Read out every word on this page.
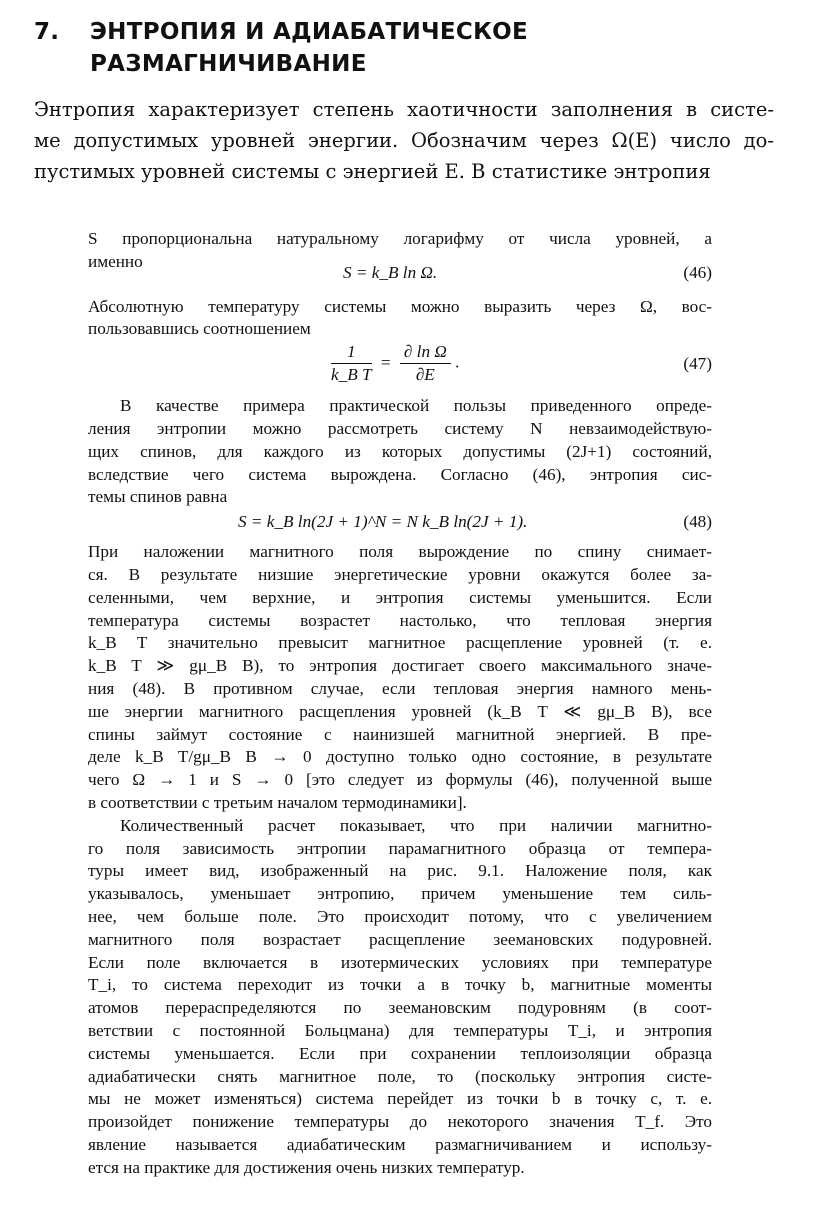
7. ЭНТРОПИЯ И АДИАБАТИЧЕСКОЕ
РАЗМАГНИЧИВАНИЕ
Энтропия характеризует степень хаотичности заполнения в систе-
ме допустимых уровней энергии. Обозначим через Ω(E) число до-
пустимых уровней системы с энергией E. В статистике энтропия
S пропорциональна натуральному логарифму от числа уровней, а
именно
S = k_B ln Ω.	(46)
Абсолютную температуру системы можно выразить через Ω, вос-
пользовавшись соотношением
$\frac{1}{\text{k\_B T}} = \frac{\text{∂ ln Ω}}{\partial E}$ .	(47)
В качестве примера практической пользы приведенного опреде-
ления энтропии можно рассмотреть систему N невзаимодействую-
щих спинов, для каждого из которых допустимы (2J+1) состояний,
вследствие чего система вырождена. Согласно (46), энтропия сис-
темы спинов равна
S = k_B ln(2J + 1)^N = N k_B ln(2J + 1).	(48)
При наложении магнитного поля вырождение по спину снимает-
ся. В результате низшие энергетические уровни окажутся более за-
селенными, чем верхние, и энтропия системы уменьшится. Если
температура системы возрастет настолько, что тепловая энергия
k_B T значительно превысит магнитное расщепление уровней (т. е.
k_B T ≫ gμ_B B), то энтропия достигает своего максимального значе-
ния (48). В противном случае, если тепловая энергия намного мень-
ше энергии магнитного расщепления уровней (k_B T ≪ gμ_B B), все
спины займут состояние с наинизшей магнитной энергией. В пре-
деле k_B T/gμ_B B → 0 доступно только одно состояние, в результате
чего Ω → 1 и S → 0 [это следует из формулы (46), полученной выше
в соответствии с третьим началом термодинамики].
Количественный расчет показывает, что при наличии магнитно-
го поля зависимость энтропии парамагнитного образца от темпера-
туры имеет вид, изображенный на рис. 9.1. Наложение поля, как
указывалось, уменьшает энтропию, причем уменьшение тем силь-
нее, чем больше поле. Это происходит потому, что с увеличением
магнитного поля возрастает расщепление зеемановских подуровней.
Если поле включается в изотермических условиях при температуре
T_i, то система переходит из точки a в точку b, магнитные моменты
атомов перераспределяются по зеемановским подуровням (в соот-
ветствии с постоянной Больцмана) для температуры T_i, и энтропия
системы уменьшается. Если при сохранении теплоизоляции образца
адиабатически снять магнитное поле, то (поскольку энтропия систе-
мы не может изменяться) система перейдет из точки b в точку c, т. е.
произойдет понижение температуры до некоторого значения T_f. Это
явление называется адиабатическим размагничиванием и использу-
ется на практике для достижения очень низких температур.
